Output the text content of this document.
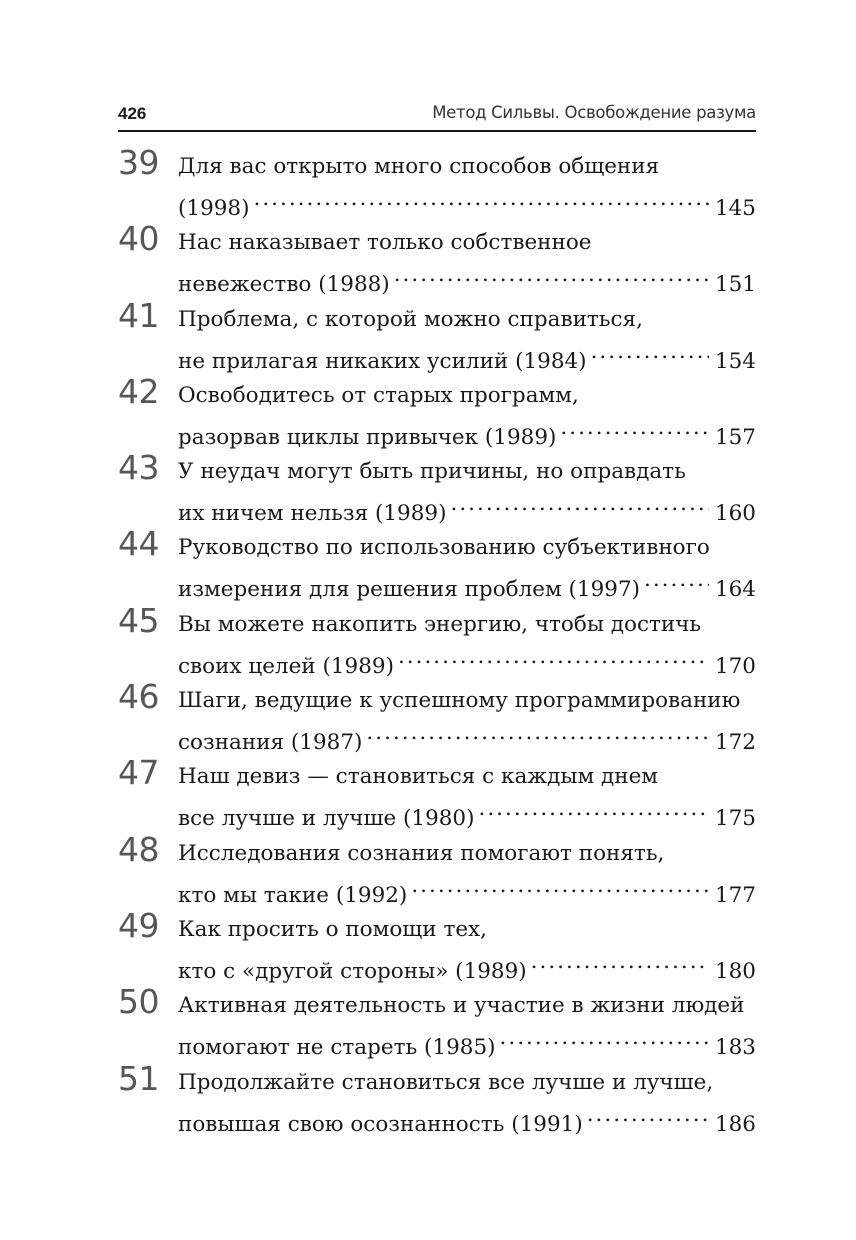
426	Метод Сильвы. Освобождение разума
39 Для вас открыто много способов общения
(1998) .....	145
40 Нас наказывает только собственное
невежество (1988) .....	151
41 Проблема, с которой можно справиться,
не прилагая никаких усилий (1984) .....	154
42 Освободитесь от старых программ,
разорвав циклы привычек (1989) .....	157
43 У неудач могут быть причины, но оправдать
их ничем нельзя (1989) .....	160
44 Руководство по использованию субъективного
измерения для решения проблем (1997) .....	164
45 Вы можете накопить энергию, чтобы достичь
своих целей (1989) .....	170
46 Шаги, ведущие к успешному программированию
сознания (1987) .....	172
47 Наш девиз — становиться с каждым днем
все лучше и лучше (1980) .....	175
48 Исследования сознания помогают понять,
кто мы такие (1992) .....	177
49 Как просить о помощи тех,
кто с «другой стороны» (1989) .....	180
50 Активная деятельность и участие в жизни людей
помогают не стареть (1985) .....	183
51 Продолжайте становиться все лучше и лучше,
повышая свою осознанность (1991) .....	186
